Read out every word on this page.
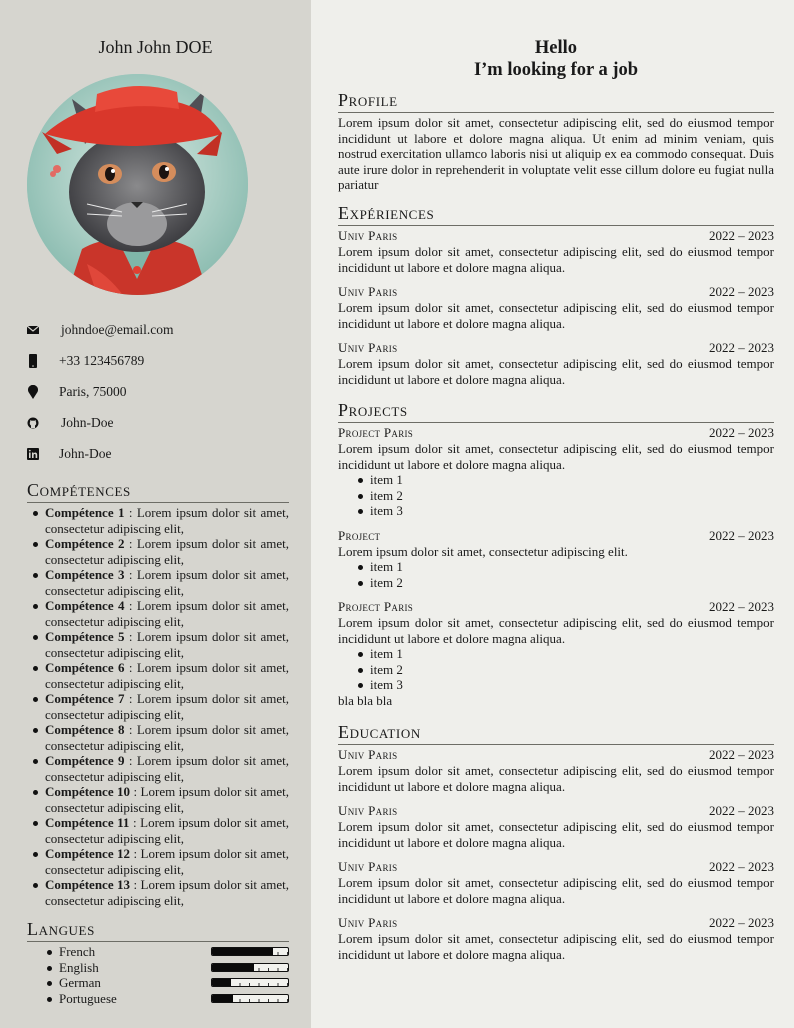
John John DOE
johndoe@email.com
+33 123456789
Paris, 75000
John-Doe
John-Doe
Compétences
Compétence 1 : Lorem ipsum dolor sit amet, consectetur adipiscing elit,
Compétence 2 : Lorem ipsum dolor sit amet, consectetur adipiscing elit,
Compétence 3 : Lorem ipsum dolor sit amet, consectetur adipiscing elit,
Compétence 4 : Lorem ipsum dolor sit amet, consectetur adipiscing elit,
Compétence 5 : Lorem ipsum dolor sit amet, consectetur adipiscing elit,
Compétence 6 : Lorem ipsum dolor sit amet, consectetur adipiscing elit,
Compétence 7 : Lorem ipsum dolor sit amet, consectetur adipiscing elit,
Compétence 8 : Lorem ipsum dolor sit amet, consectetur adipiscing elit,
Compétence 9 : Lorem ipsum dolor sit amet, consectetur adipiscing elit,
Compétence 10 : Lorem ipsum dolor sit amet, consectetur adipiscing elit,
Compétence 11 : Lorem ipsum dolor sit amet, consectetur adipiscing elit,
Compétence 12 : Lorem ipsum dolor sit amet, consectetur adipiscing elit,
Compétence 13 : Lorem ipsum dolor sit amet, consectetur adipiscing elit,
Langues
French
English
German
Portuguese
Hello
I’m looking for a job
Profile
Lorem ipsum dolor sit amet, consectetur adipiscing elit, sed do eiusmod tempor incididunt ut labore et dolore magna aliqua. Ut enim ad minim veniam, quis nostrud exercitation ullamco laboris nisi ut aliquip ex ea commodo consequat. Duis aute irure dolor in reprehenderit in voluptate velit esse cillum dolore eu fugiat nulla pariatur
Expériences
Univ Paris	2022 – 2023
Lorem ipsum dolor sit amet, consectetur adipiscing elit, sed do eiusmod tempor incididunt ut labore et dolore magna aliqua.
Univ Paris	2022 – 2023
Lorem ipsum dolor sit amet, consectetur adipiscing elit, sed do eiusmod tempor incididunt ut labore et dolore magna aliqua.
Univ Paris	2022 – 2023
Lorem ipsum dolor sit amet, consectetur adipiscing elit, sed do eiusmod tempor incididunt ut labore et dolore magna aliqua.
Projects
Project Paris	2022 – 2023
Lorem ipsum dolor sit amet, consectetur adipiscing elit, sed do eiusmod tempor incididunt ut labore et dolore magna aliqua.
item 1
item 2
item 3
Project	2022 – 2023
Lorem ipsum dolor sit amet, consectetur adipiscing elit.
item 1
item 2
Project Paris	2022 – 2023
Lorem ipsum dolor sit amet, consectetur adipiscing elit, sed do eiusmod tempor incididunt ut labore et dolore magna aliqua.
item 1
item 2
item 3
bla bla bla
Education
Univ Paris	2022 – 2023
Lorem ipsum dolor sit amet, consectetur adipiscing elit, sed do eiusmod tempor incididunt ut labore et dolore magna aliqua.
Univ Paris	2022 – 2023
Lorem ipsum dolor sit amet, consectetur adipiscing elit, sed do eiusmod tempor incididunt ut labore et dolore magna aliqua.
Univ Paris	2022 – 2023
Lorem ipsum dolor sit amet, consectetur adipiscing elit, sed do eiusmod tempor incididunt ut labore et dolore magna aliqua.
Univ Paris	2022 – 2023
Lorem ipsum dolor sit amet, consectetur adipiscing elit, sed do eiusmod tempor incididunt ut labore et dolore magna aliqua.
